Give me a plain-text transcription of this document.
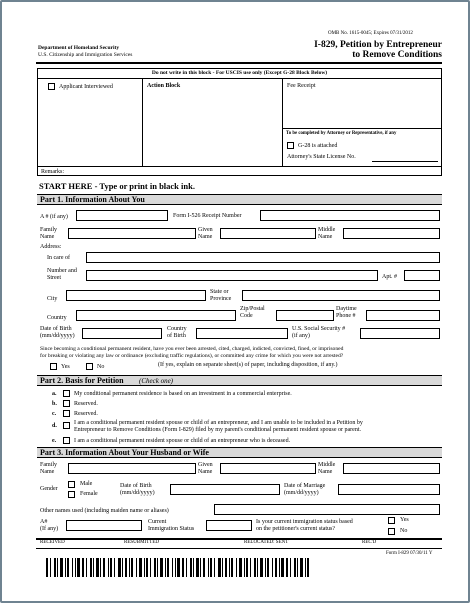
OMB No. 1615-0045; Expires 07/31/2012
Department of Homeland Security
U.S. Citizenship and Immigration Services
I-829, Petition by Entrepreneur
to Remove Conditions
Do not write in this block - For USCIS use only (Except G-28 Block Below)
Applicant Interviewed	Action Block	Fee Receipt
To be completed by Attorney or Representative, if any
G-28 is attached
Attorney's State License No.
Remarks:
START HERE - Type or print in black ink.
Part 1. Information About You
A # (if any)	Form I-526 Receipt Number
Family
Name
Given
Name
Middle
Name
Address:
In care of
Number and
Street	Apt. #
City
State or
Province
Country
Zip/Postal
Code
Daytime
Phone #
Date of Birth
(mm/dd/yyyy)
Country
of Birth
U.S. Social Security #
(if any)
Since becoming a conditional permanent resident, have you ever been arrested, cited, charged, indicted, convicted, fined, or imprisoned
for breaking or violating any law or ordinance (excluding traffic regulations), or committed any crime for which you were not arrested?
Yes	No	(If yes, explain on separate sheet(s) of paper, including disposition, if any.)
Part 2. Basis for Petition (Check one)
a.	My conditional permanent residence is based on an investment in a commercial enterprise.
b.	Reserved.
c.	Reserved.
d.	I am a conditional permanent resident spouse or child of an entrepreneur, and I am unable to be included in a Petition by
Entrepreneur to Remove Conditions (Form I-829) filed by my parent's conditional permanent resident spouse or parent.
e.	I am a conditional permanent resident spouse or child of an entrepreneur who is deceased.
Part 3. Information About Your Husband or Wife
Family
Name
Given
Name
Middle
Name
Gender
Male
Female
Date of Birth
(mm/dd/yyyy)
Date of Marriage
(mm/dd/yyyy)
Other names used (including maiden name or aliases)
A#
(If any)
Current
Immigration Status
Is your current immigration status based
on the petitioner's current status?
Yes
No
RECEIVED	RESUBMITTED	RELOCATED: SENT	REC'D
Form I-829 07/30/11 Y
